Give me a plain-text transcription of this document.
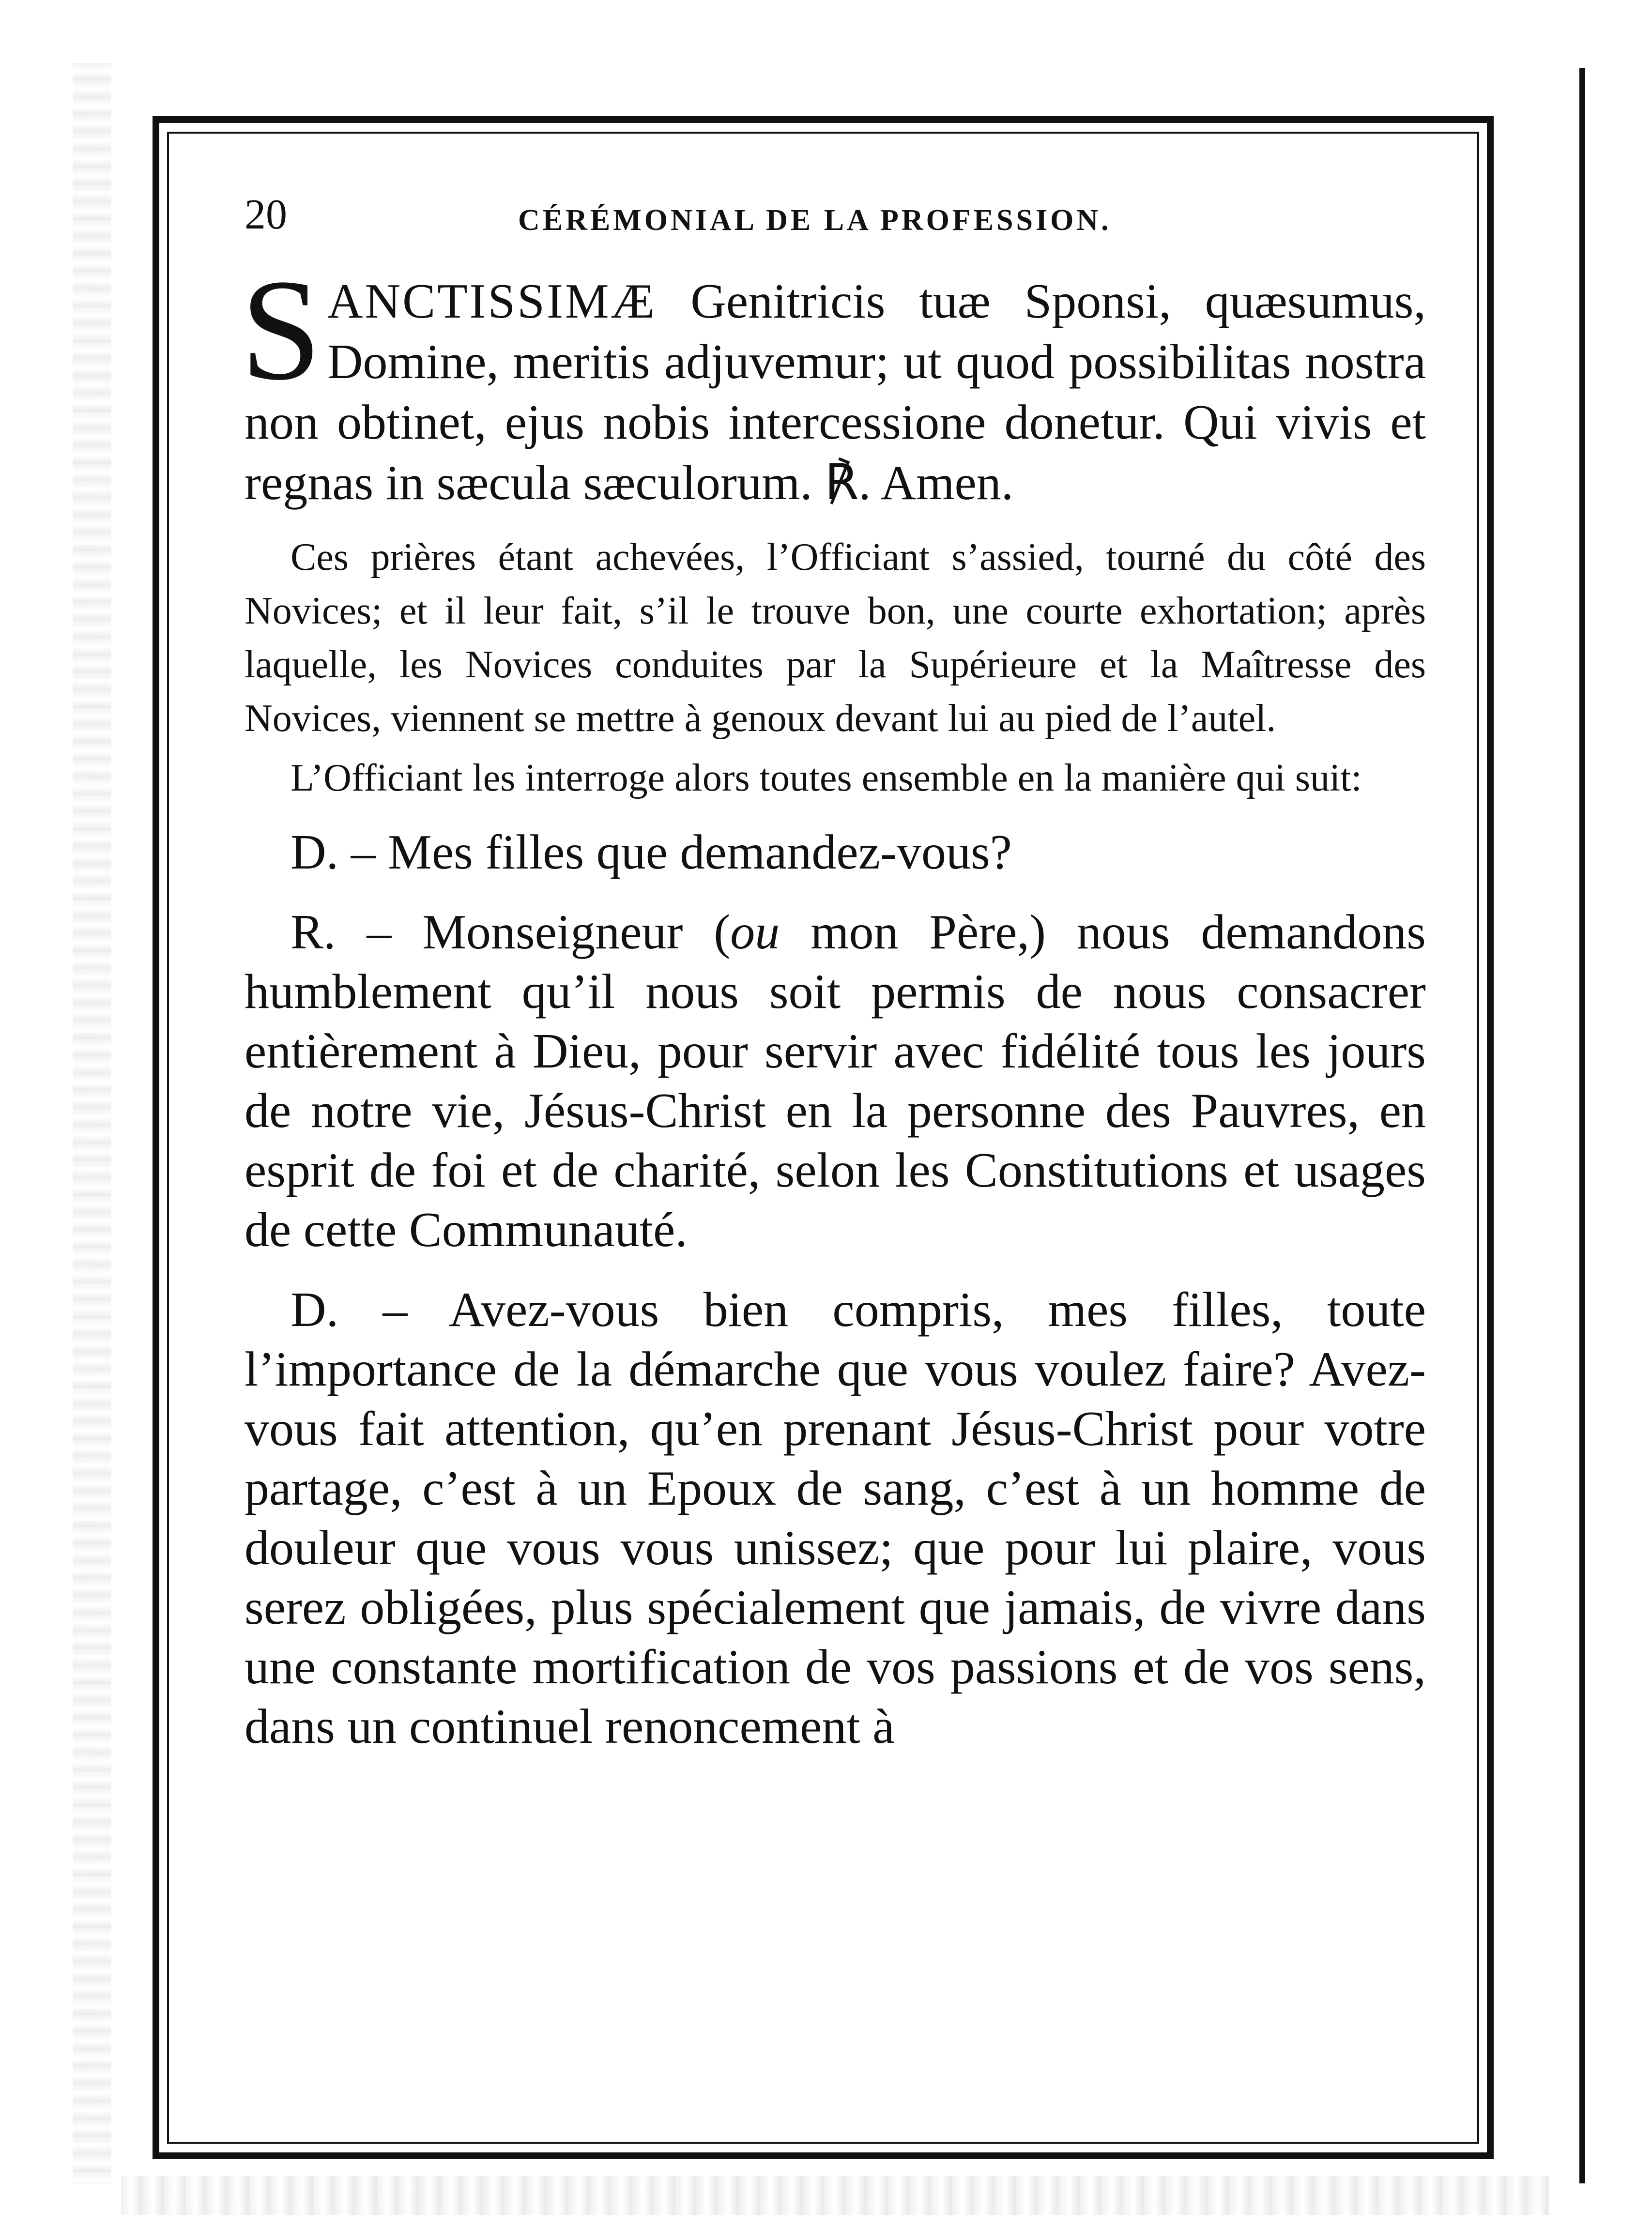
20	CÉRÉMONIAL DE LA PROFESSION.

SANCTISSIMÆ Genitricis tuæ Sponsi, quæsumus, Domine, meritis adjuvemur; ut quod possibilitas nostra non obtinet, ejus nobis intercessione donetur. Qui vivis et regnas in sæcula sæculorum. ℟. Amen.

Ces prières étant achevées, l’Officiant s’assied, tourné du côté des Novices; et il leur fait, s’il le trouve bon, une courte exhortation; après laquelle, les Novices conduites par la Supérieure et la Maîtresse des Novices, viennent se mettre à genoux devant lui au pied de l’autel.

L’Officiant les interroge alors toutes ensemble en la manière qui suit:

D. – Mes filles que demandez-vous?

R. – Monseigneur (ou mon Père,) nous demandons humblement qu’il nous soit permis de nous consacrer entièrement à Dieu, pour servir avec fidélité tous les jours de notre vie, Jésus-Christ en la personne des Pauvres, en esprit de foi et de charité, selon les Constitutions et usages de cette Communauté.

D. – Avez-vous bien compris, mes filles, toute l’importance de la démarche que vous voulez faire? Avez-vous fait attention, qu’en prenant Jésus-Christ pour votre partage, c’est à un Epoux de sang, c’est à un homme de douleur que vous vous unissez; que pour lui plaire, vous serez obligées, plus spécialement que jamais, de vivre dans une constante mortification de vos passions et de vos sens, dans un continuel renoncement à
